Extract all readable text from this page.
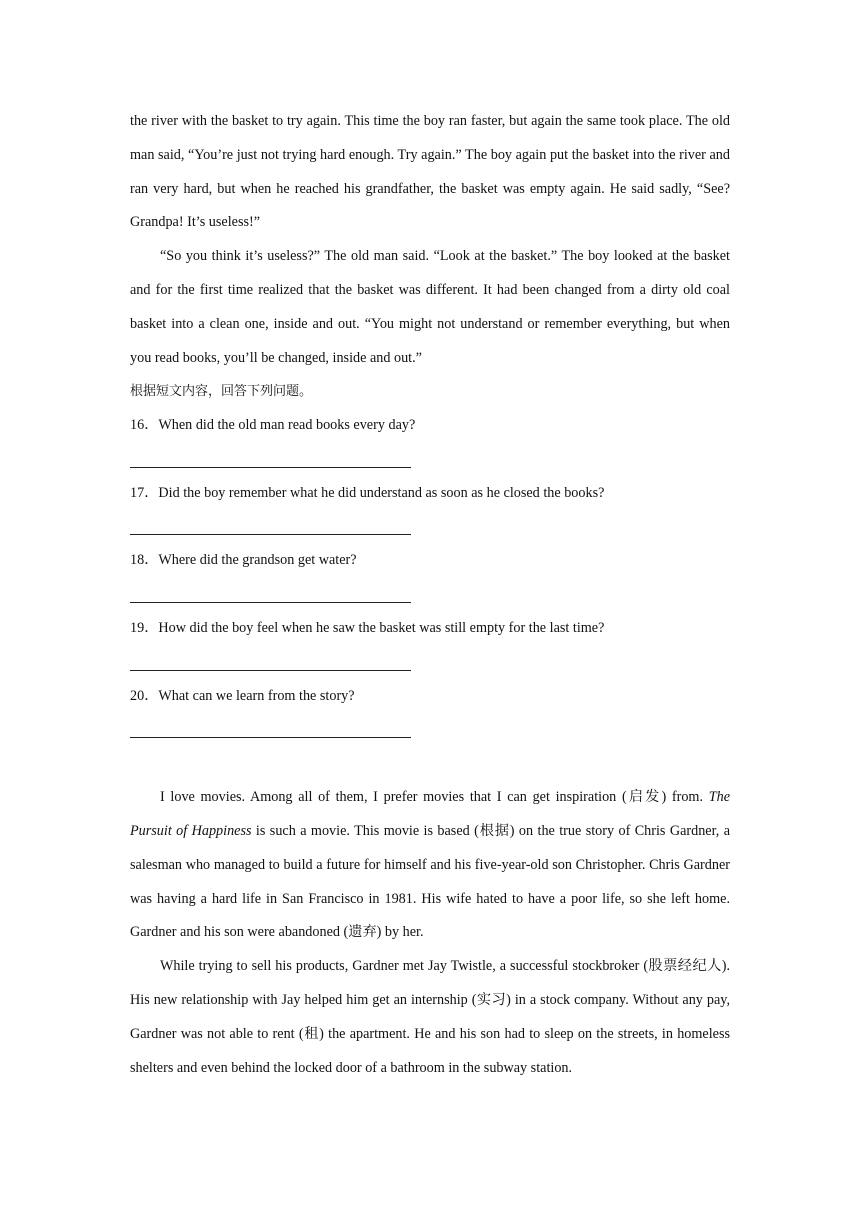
the river with the basket to try again. This time the boy ran faster, but again the same took place. The old man said, “You’re just not trying hard enough. Try again.” The boy again put the basket into the river and ran very hard, but when he reached his grandfather, the basket was empty again. He said sadly, “See? Grandpa! It’s useless!”

“So you think it’s useless?” The old man said. “Look at the basket.” The boy looked at the basket and for the first time realized that the basket was different. It had been changed from a dirty old coal basket into a clean one, inside and out. “You might not understand or remember everything, but when you read books, you’ll be changed, inside and out.”

根据短文内容，回答下列问题。

16．When did the old man read books every day?

17．Did the boy remember what he did understand as soon as he closed the books?

18．Where did the grandson get water?

19．How did the boy feel when he saw the basket was still empty for the last time?

20．What can we learn from the story?

I love movies. Among all of them, I prefer movies that I can get inspiration (启发) from. The Pursuit of Happiness is such a movie. This movie is based (根据) on the true story of Chris Gardner, a salesman who managed to build a future for himself and his five-year-old son Christopher. Chris Gardner was having a hard life in San Francisco in 1981. His wife hated to have a poor life, so she left home. Gardner and his son were abandoned (遗弃) by her.

While trying to sell his products, Gardner met Jay Twistle, a successful stockbroker (股票经纪人). His new relationship with Jay helped him get an internship (实习) in a stock company. Without any pay, Gardner was not able to rent (租) the apartment. He and his son had to sleep on the streets, in homeless shelters and even behind the locked door of a bathroom in the subway station.
